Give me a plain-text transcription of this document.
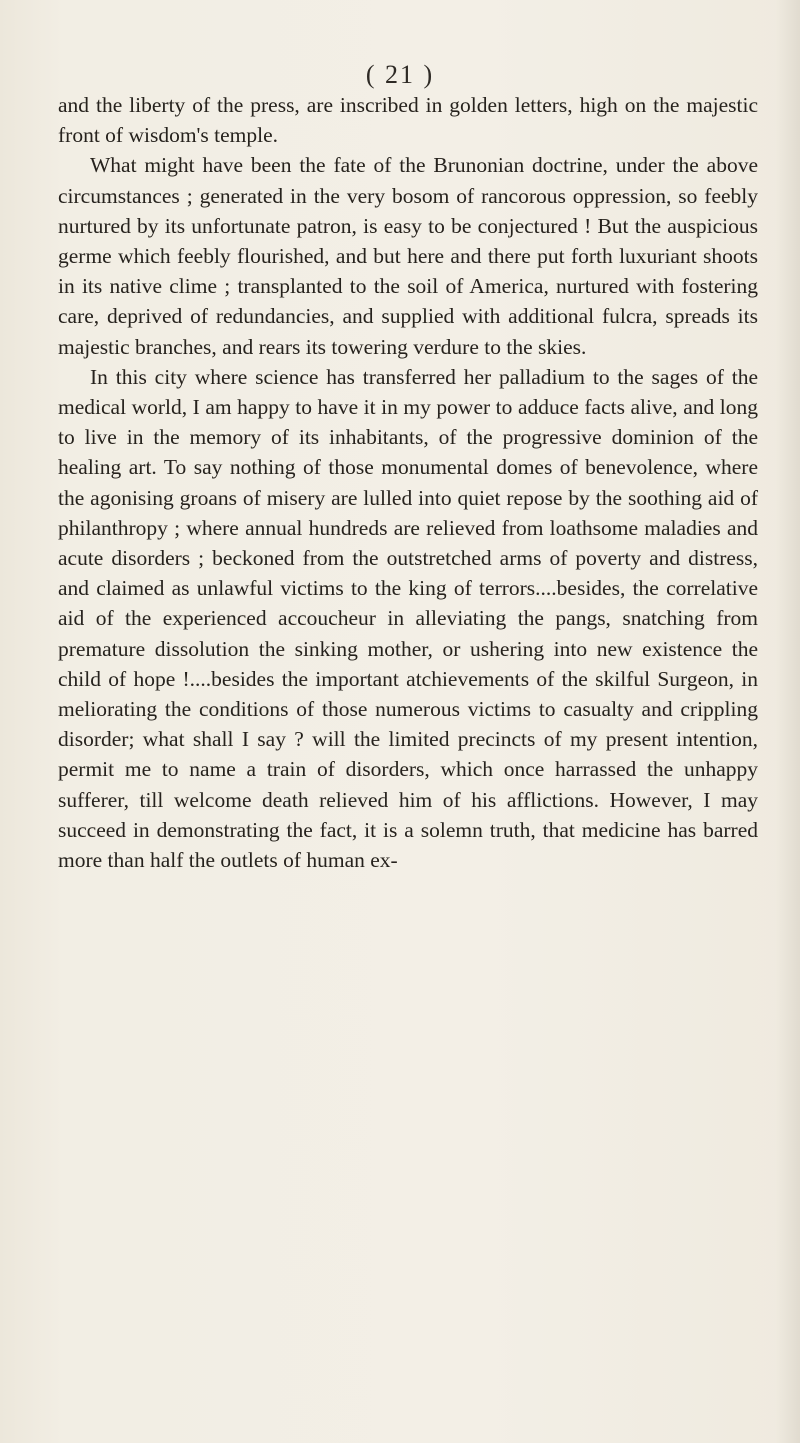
( 21 )

and the liberty of the press, are inscribed in golden letters, high on the majestic front of wisdom's temple.

What might have been the fate of the Brunonian doctrine, under the above circumstances ; generated in the very bosom of rancorous oppression, so feebly nurtured by its unfortunate patron, is easy to be conjectured ! But the auspicious germe which feebly flourished, and but here and there put forth luxuriant shoots in its native clime ; transplanted to the soil of America, nurtured with fostering care, deprived of redundancies, and supplied with additional fulcra, spreads its majestic branches, and rears its towering verdure to the skies.

In this city where science has transferred her palladium to the sages of the medical world, I am happy to have it in my power to adduce facts alive, and long to live in the memory of its inhabitants, of the progressive dominion of the healing art. To say nothing of those monumental domes of benevolence, where the agonising groans of misery are lulled into quiet repose by the soothing aid of philanthropy ; where annual hundreds are relieved from loathsome maladies and acute disorders ; beckoned from the outstretched arms of poverty and distress, and claimed as unlawful victims to the king of terrors....besides, the correlative aid of the experienced accoucheur in alleviating the pangs, snatching from premature dissolution the sinking mother, or ushering into new existence the child of hope !....besides the important atchievements of the skilful Surgeon, in meliorating the conditions of those numerous victims to casualty and crippling disorder; what shall I say ? will the limited precincts of my present intention, permit me to name a train of disorders, which once harrassed the unhappy sufferer, till welcome death relieved him of his afflictions. However, I may succeed in demonstrating the fact, it is a solemn truth, that medicine has barred more than half the outlets of human ex-
